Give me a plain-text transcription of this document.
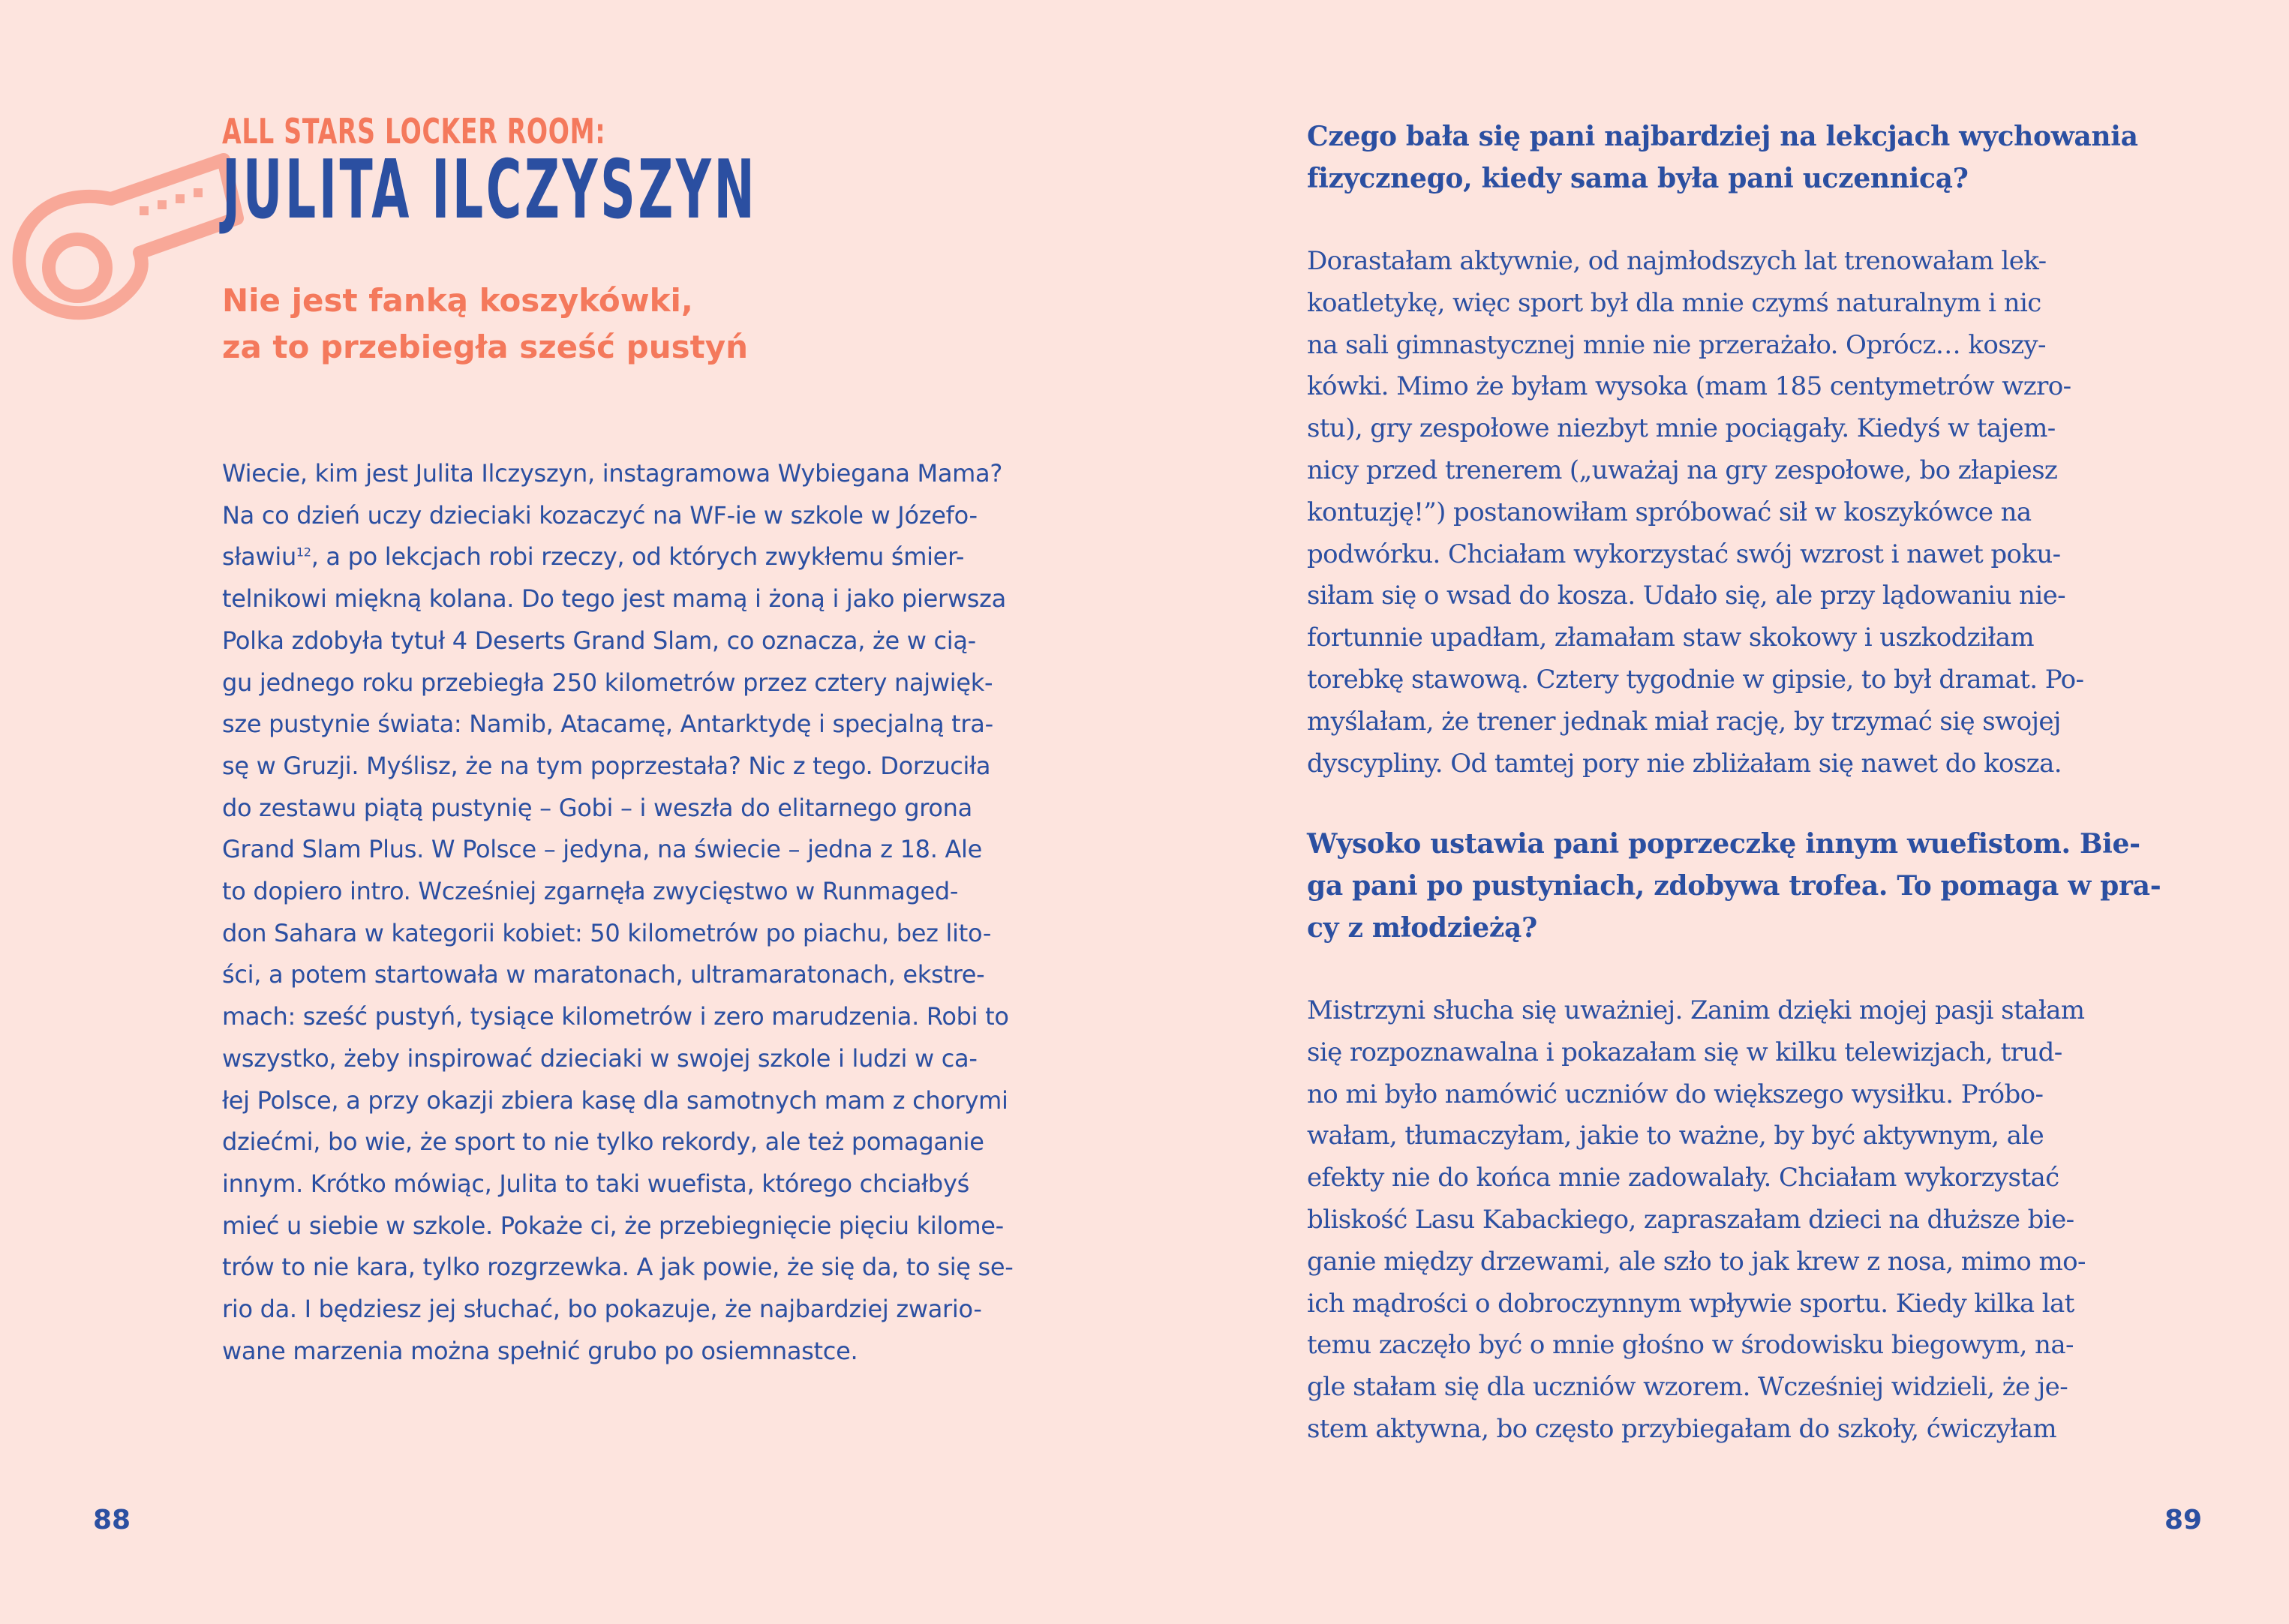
ALL STARS LOCKER ROOM:
JULITA ILCZYSZYN
Nie jest fanką koszykówki,
za to przebiegła sześć pustyń
Wiecie, kim jest Julita Ilczyszyn, instagramowa Wybiegana Mama?
Na co dzień uczy dzieciaki kozaczyć na WF-ie w szkole w Józefo-
sławiu$^{12}$, a po lekcjach robi rzeczy, od których zwykłemu śmier-
telnikowi miękną kolana. Do tego jest mamą i żoną i jako pierwsza
Polka zdobyła tytuł 4 Deserts Grand Slam, co oznacza, że w cią-
gu jednego roku przebiegła 250 kilometrów przez cztery najwięk-
sze pustynie świata: Namib, Atacamę, Antarktydę i specjalną tra-
sę w Gruzji. Myślisz, że na tym poprzestała? Nic z tego. Dorzuciła
do zestawu piątą pustynię – Gobi – i weszła do elitarnego grona
Grand Slam Plus. W Polsce – jedyna, na świecie – jedna z 18. Ale
to dopiero intro. Wcześniej zgarnęła zwycięstwo w Runmaged-
don Sahara w kategorii kobiet: 50 kilometrów po piachu, bez lito-
ści, a potem startowała w maratonach, ultramaratonach, ekstre-
mach: sześć pustyń, tysiące kilometrów i zero marudzenia. Robi to
wszystko, żeby inspirować dzieciaki w swojej szkole i ludzi w ca-
łej Polsce, a przy okazji zbiera kasę dla samotnych mam z chorymi
dziećmi, bo wie, że sport to nie tylko rekordy, ale też pomaganie
innym. Krótko mówiąc, Julita to taki wuefista, którego chciałbyś
mieć u siebie w szkole. Pokaże ci, że przebiegnięcie pięciu kilome-
trów to nie kara, tylko rozgrzewka. A jak powie, że się da, to się se-
rio da. I będziesz jej słuchać, bo pokazuje, że najbardziej zwario-
wane marzenia można spełnić grubo po osiemnastce.
88
Czego bała się pani najbardziej na lekcjach wychowania
fizycznego, kiedy sama była pani uczennicą?
Dorastałam aktywnie, od najmłodszych lat trenowałam lek-
koatletykę, więc sport był dla mnie czymś naturalnym i nic
na sali gimnastycznej mnie nie przerażało. Oprócz… koszy-
kówki. Mimo że byłam wysoka (mam 185 centymetrów wzro-
stu), gry zespołowe niezbyt mnie pociągały. Kiedyś w tajem-
nicy przed trenerem („uważaj na gry zespołowe, bo złapiesz
kontuzję!”) postanowiłam spróbować sił w koszykówce na
podwórku. Chciałam wykorzystać swój wzrost i nawet poku-
siłam się o wsad do kosza. Udało się, ale przy lądowaniu nie-
fortunnie upadłam, złamałam staw skokowy i uszkodziłam
torebkę stawową. Cztery tygodnie w gipsie, to był dramat. Po-
myślałam, że trener jednak miał rację, by trzymać się swojej
dyscypliny. Od tamtej pory nie zbliżałam się nawet do kosza.
Wysoko ustawia pani poprzeczkę innym wuefistom. Bie-
ga pani po pustyniach, zdobywa trofea. To pomaga w pra-
cy z młodzieżą?
Mistrzyni słucha się uważniej. Zanim dzięki mojej pasji stałam
się rozpoznawalna i pokazałam się w kilku telewizjach, trud-
no mi było namówić uczniów do większego wysiłku. Próbo-
wałam, tłumaczyłam, jakie to ważne, by być aktywnym, ale
efekty nie do końca mnie zadowalały. Chciałam wykorzystać
bliskość Lasu Kabackiego, zapraszałam dzieci na dłuższe bie-
ganie między drzewami, ale szło to jak krew z nosa, mimo mo-
ich mądrości o dobroczynnym wpływie sportu. Kiedy kilka lat
temu zaczęło być o mnie głośno w środowisku biegowym, na-
gle stałam się dla uczniów wzorem. Wcześniej widzieli, że je-
stem aktywna, bo często przybiegałam do szkoły, ćwiczyłam
89
